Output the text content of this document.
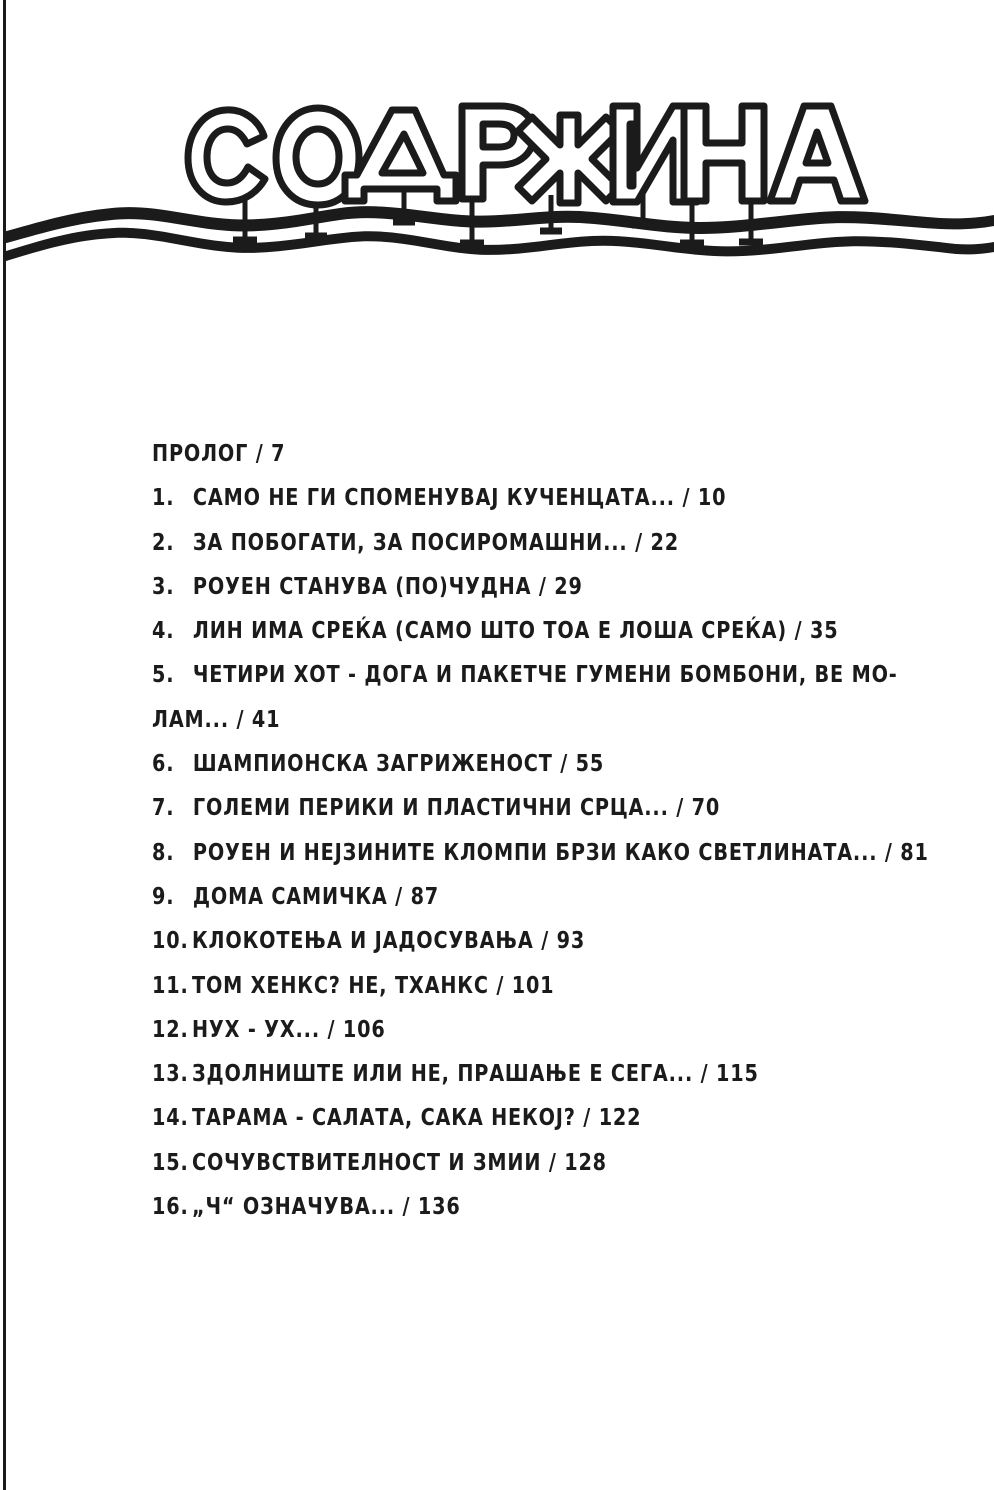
ПРОЛОГ / 7
1. САМО НЕ ГИ СПОМЕНУВАЈ КУЧЕНЦАТА... / 10
2. ЗА ПОБОГАТИ, ЗА ПОСИРОМАШНИ... / 22
3. РОУЕН СТАНУВА (ПО)ЧУДНА / 29
4. ЛИН ИМА СРЕЌА (САМО ШТО ТОА Е ЛОША СРЕЌА) / 35
5. ЧЕТИРИ ХОТ - ДОГА И ПАКЕТЧЕ ГУМЕНИ БОМБОНИ, ВЕ МО-
ЛАМ... / 41
6. ШАМПИОНСКА ЗАГРИЖЕНОСТ / 55
7. ГОЛЕМИ ПЕРИКИ И ПЛАСТИЧНИ СРЦА... / 70
8. РОУЕН И НЕЈЗИНИТЕ КЛОМПИ БРЗИ КАКО СВЕТЛИНАТА... / 81
9. ДОМА САМИЧКА / 87
10. КЛОКОТЕЊА И ЈАДОСУВАЊА / 93
11. ТОМ ХЕНКС? НЕ, ТХАНКС / 101
12. НУХ - УХ... / 106
13. ЗДОЛНИШТЕ ИЛИ НЕ, ПРАШАЊЕ Е СЕГА... / 115
14. ТАРАМА - САЛАТА, САКА НЕКОЈ? / 122
15. СОЧУВСТВИТЕЛНОСТ И ЗМИИ / 128
16. „Ч“ ОЗНАЧУВА... / 136
